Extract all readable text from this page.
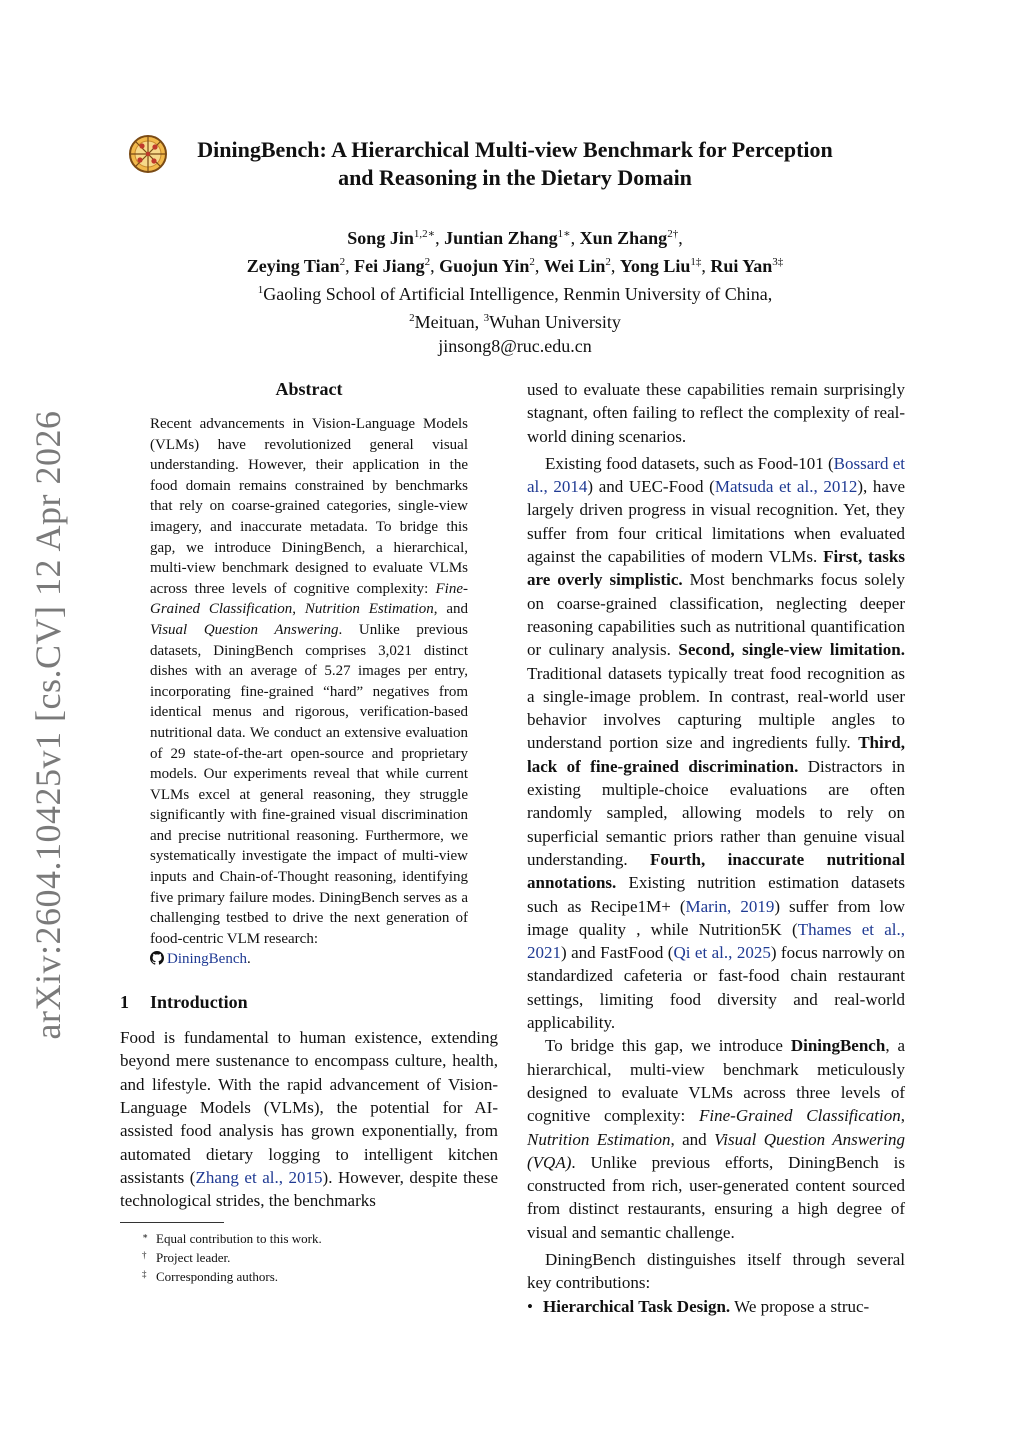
arXiv:2604.10425v1 [cs.CV] 12 Apr 2026
DiningBench: A Hierarchical Multi-view Benchmark for Perception
and Reasoning in the Dietary Domain
Song Jin$^{1,2∗}$, Juntian Zhang$^{1∗}$, Xun Zhang$^{2\dagger}$,
Zeying Tian$^2$, Fei Jiang$^2$, Guojun Yin$^2$, Wei Lin$^2$, Yong Liu$^{1\ddagger}$, Rui Yan$^{3\ddagger}$
$^1$Gaoling School of Artificial Intelligence, Renmin University of China,
$^2$Meituan, $^3$Wuhan University
jinsong8@ruc.edu.cn
Abstract

Recent advancements in Vision-Language Models (VLMs) have revolutionized general visual understanding. However, their application in the food domain remains constrained by benchmarks that rely on coarse-grained categories, single-view imagery, and inaccurate metadata. To bridge this gap, we introduce DiningBench, a hierarchical, multi-view benchmark designed to evaluate VLMs across three levels of cognitive complexity: Fine-Grained Classification, Nutrition Estimation, and Visual Question Answering. Unlike previous datasets, DiningBench comprises 3,021 distinct dishes with an average of 5.27 images per entry, incorporating fine-grained “hard” negatives from identical menus and rigorous, verification-based nutritional data. We conduct an extensive evaluation of 29 state-of-the-art open-source and proprietary models. Our experiments reveal that while current VLMs excel at general reasoning, they struggle significantly with fine-grained visual discrimination and precise nutritional reasoning. Furthermore, we systematically investigate the impact of multi-view inputs and Chain-of-Thought reasoning, identifying five primary failure modes. DiningBench serves as a challenging testbed to drive the next generation of food-centric VLM research:
DiningBench.

1 Introduction

Food is fundamental to human existence, extending beyond mere sustenance to encompass culture, health, and lifestyle. With the rapid advancement of Vision-Language Models (VLMs), the potential for AI-assisted food analysis has grown exponentially, from automated dietary logging to intelligent kitchen assistants (Zhang et al., 2015). However, despite these technological strides, the benchmarks

∗ Equal contribution to this work.
† Project leader.
‡ Corresponding authors.

used to evaluate these capabilities remain surprisingly stagnant, often failing to reflect the complexity of real-world dining scenarios.

Existing food datasets, such as Food-101 (Bossard et al., 2014) and UEC-Food (Matsuda et al., 2012), have largely driven progress in visual recognition. Yet, they suffer from four critical limitations when evaluated against the capabilities of modern VLMs. First, tasks are overly simplistic. Most benchmarks focus solely on coarse-grained classification, neglecting deeper reasoning capabilities such as nutritional quantification or culinary analysis. Second, single-view limitation. Traditional datasets typically treat food recognition as a single-image problem. In contrast, real-world user behavior involves capturing multiple angles to understand portion size and ingredients fully. Third, lack of fine-grained discrimination. Distractors in existing multiple-choice evaluations are often randomly sampled, allowing models to rely on superficial semantic priors rather than genuine visual understanding. Fourth, inaccurate nutritional annotations. Existing nutrition estimation datasets such as Recipe1M+ (Marin, 2019) suffer from low image quality , while Nutrition5K (Thames et al., 2021) and FastFood (Qi et al., 2025) focus narrowly on standardized cafeteria or fast-food chain restaurant settings, limiting food diversity and real-world applicability.

To bridge this gap, we introduce DiningBench, a hierarchical, multi-view benchmark meticulously designed to evaluate VLMs across three levels of cognitive complexity: Fine-Grained Classification, Nutrition Estimation, and Visual Question Answering (VQA). Unlike previous efforts, DiningBench is constructed from rich, user-generated content sourced from distinct restaurants, ensuring a high degree of visual and semantic challenge.

DiningBench distinguishes itself through several key contributions:

• Hierarchical Task Design. We propose a struc-
